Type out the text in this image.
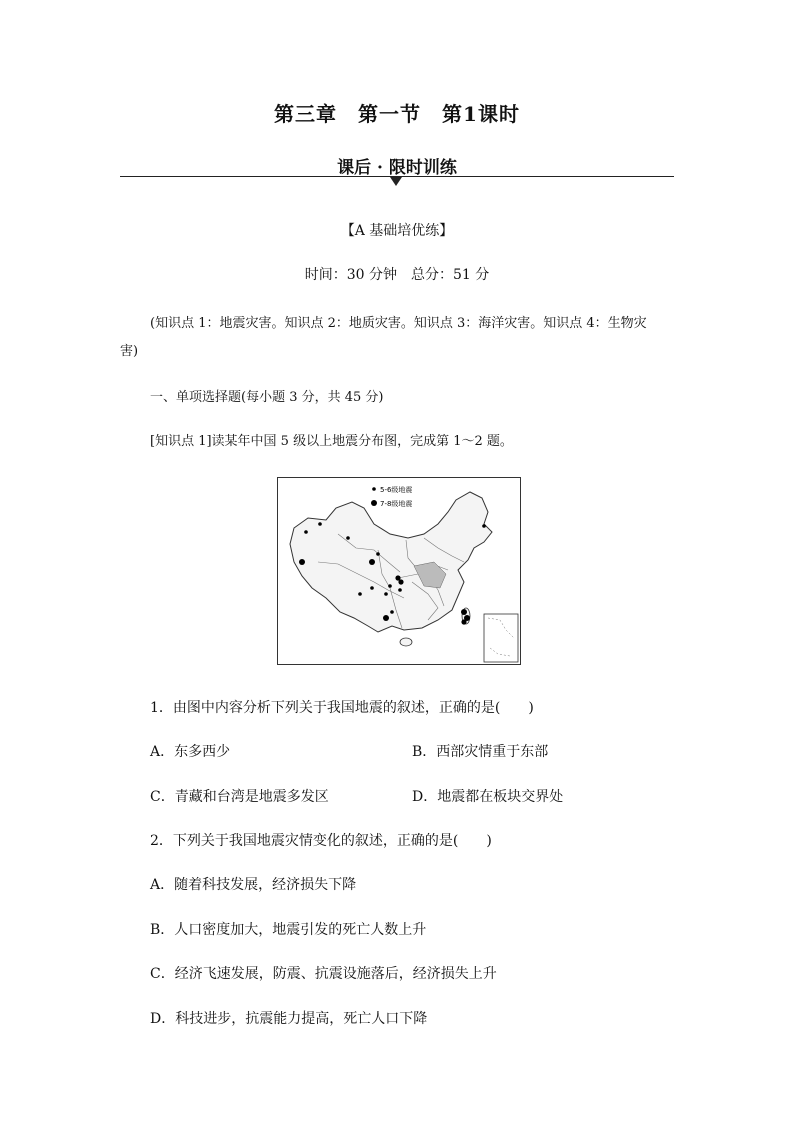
第三章　第一节　第1课时
课后 · 限时训练
【A 基础培优练】
时间：30 分钟　总分：51 分
(知识点 1：地震灾害。知识点 2：地质灾害。知识点 3：海洋灾害。知识点 4：生物灾
害)
一、单项选择题(每小题 3 分，共 45 分)
[知识点 1]读某年中国 5 级以上地震分布图，完成第 1～2 题。
5-6级地震
7-8级地震
1．由图中内容分析下列关于我国地震的叙述，正确的是(　　)
A．东多西少	B．西部灾情重于东部
C．青藏和台湾是地震多发区	D．地震都在板块交界处
2．下列关于我国地震灾情变化的叙述，正确的是(　　)
A．随着科技发展，经济损失下降
B．人口密度加大，地震引发的死亡人数上升
C．经济飞速发展，防震、抗震设施落后，经济损失上升
D．科技进步，抗震能力提高，死亡人口下降
